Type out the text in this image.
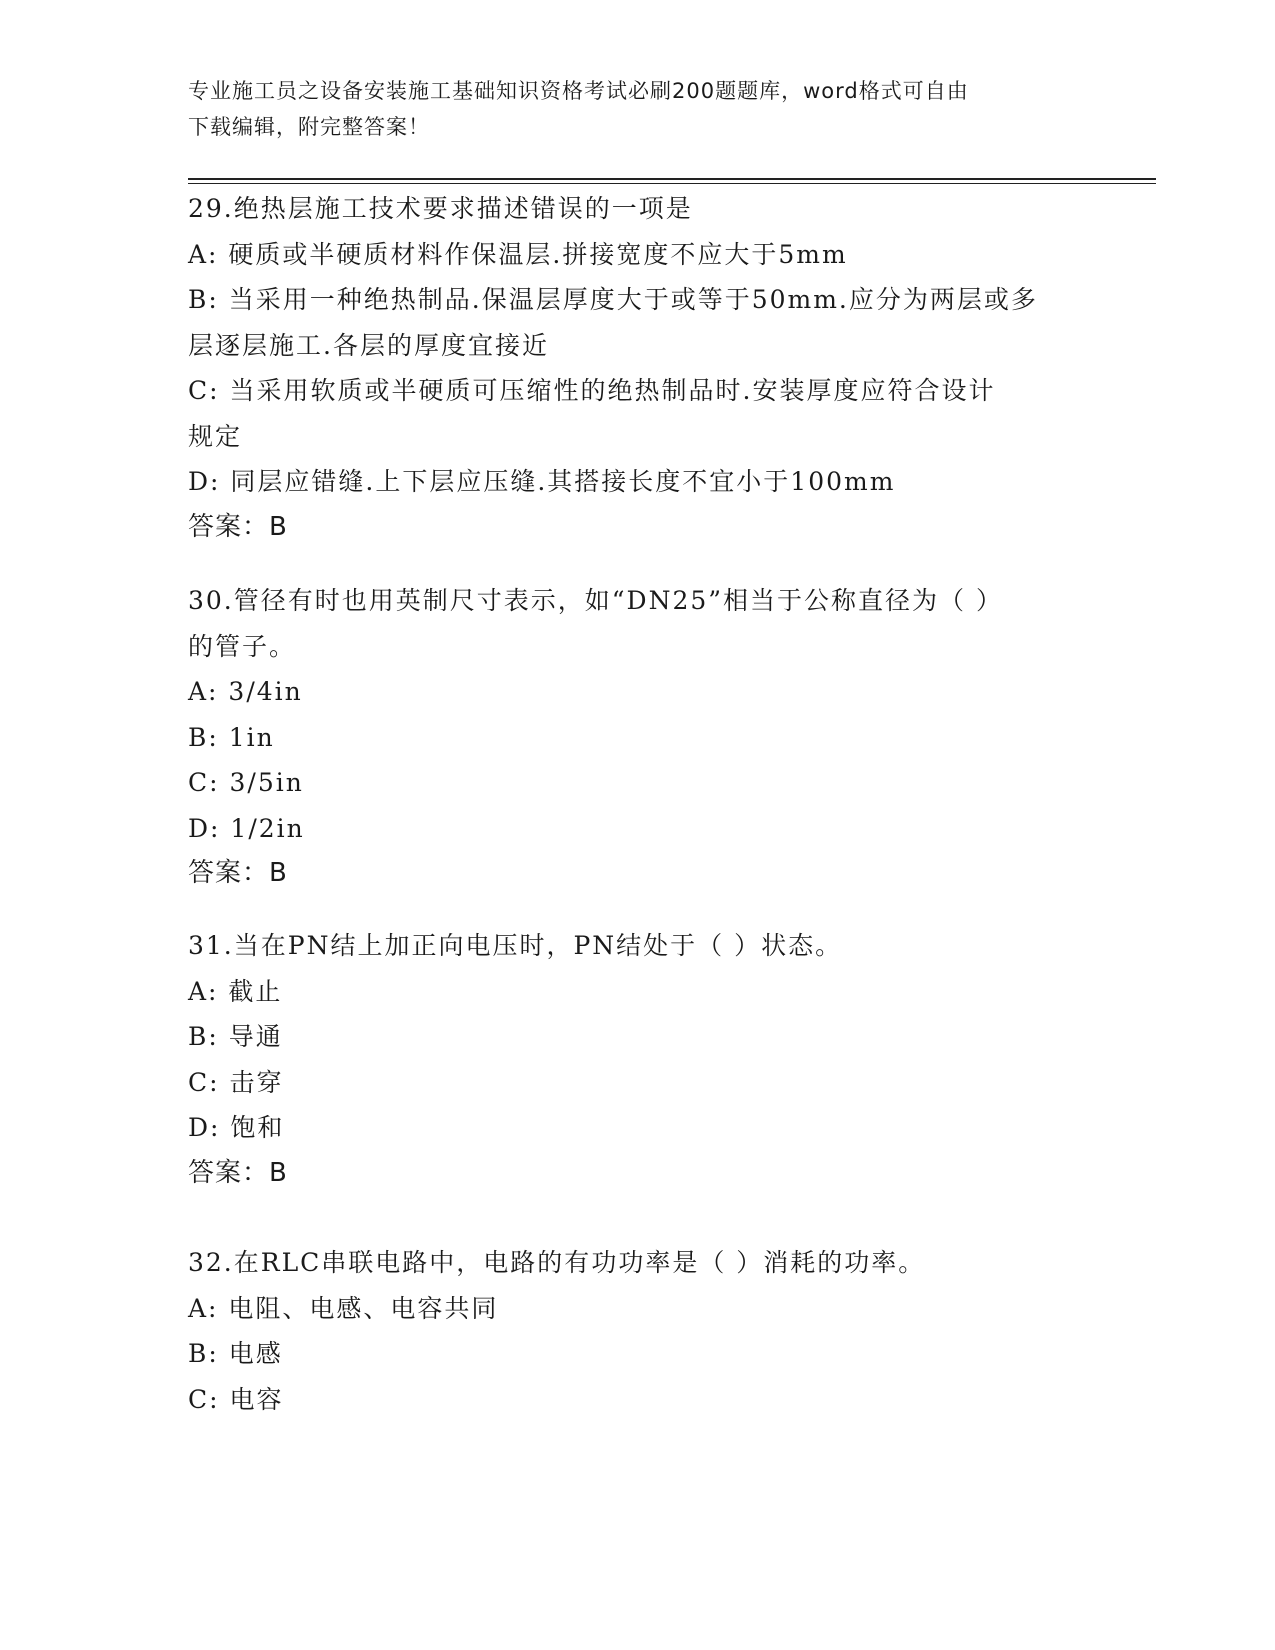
专业施工员之设备安装施工基础知识资格考试必刷200题题库，word格式可自由
下载编辑，附完整答案！

29.绝热层施工技术要求描述错误的一项是

A: 硬质或半硬质材料作保温层.拼接宽度不应大于5mm

B: 当采用一种绝热制品.保温层厚度大于或等于50mm.应分为两层或多

层逐层施工.各层的厚度宜接近

C: 当采用软质或半硬质可压缩性的绝热制品时.安装厚度应符合设计

规定

D: 同层应错缝.上下层应压缝.其搭接长度不宜小于100mm

答案：B

30.管径有时也用英制尺寸表示，如“DN25”相当于公称直径为（ ）

的管子。

A: 3/4in

B: 1in

C: 3/5in

D: 1/2in

答案：B

31.当在PN结上加正向电压时，PN结处于（ ）状态。

A: 截止

B: 导通

C: 击穿

D: 饱和

答案：B

32.在RLC串联电路中，电路的有功功率是（ ）消耗的功率。

A: 电阻、电感、电容共同

B: 电感

C: 电容
